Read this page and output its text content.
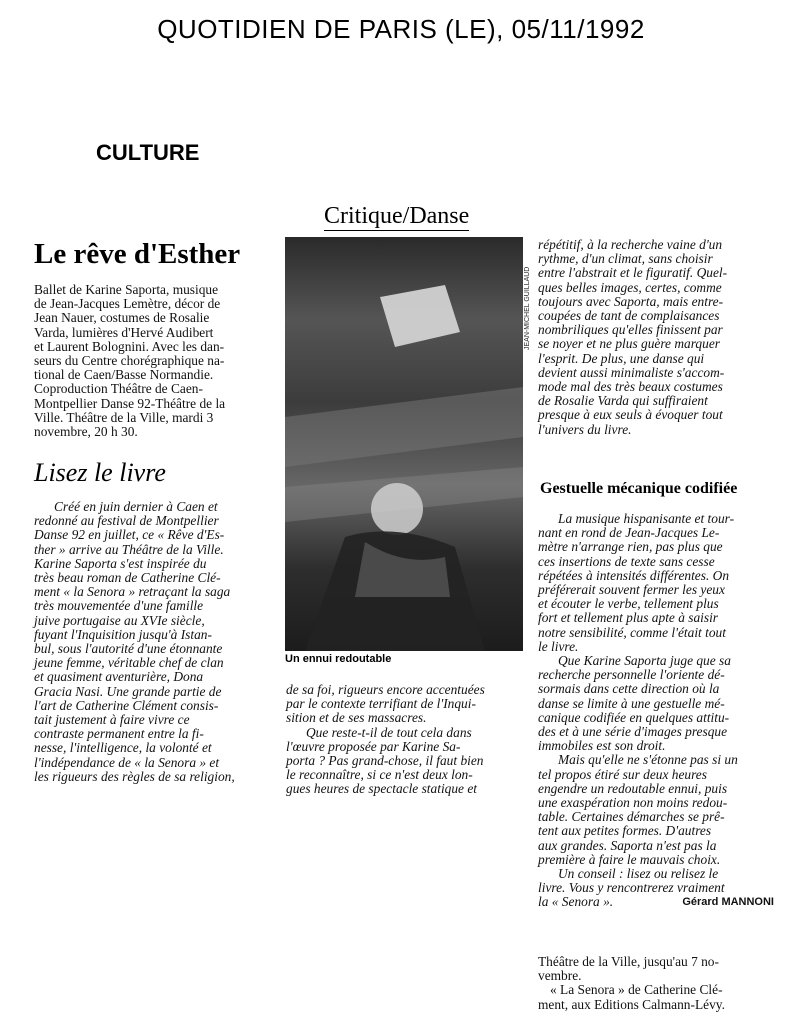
QUOTIDIEN DE PARIS (LE), 05/11/1992
CULTURE
Critique/Danse
Le rêve d'Esther
Ballet de Karine Saporta, musique
de Jean-Jacques Lemètre, décor de
Jean Nauer, costumes de Rosalie
Varda, lumières d'Hervé Audibert
et Laurent Bolognini. Avec les dan-
seurs du Centre chorégraphique na-
tional de Caen/Basse Normandie.
Coproduction Théâtre de Caen-
Montpellier Danse 92-Théâtre de la
Ville. Théâtre de la Ville, mardi 3
novembre, 20 h 30.
Lisez le livre
Créé en juin dernier à Caen et
redonné au festival de Montpellier
Danse 92 en juillet, ce « Rêve d'Es-
ther » arrive au Théâtre de la Ville.
Karine Saporta s'est inspirée du
très beau roman de Catherine Clé-
ment « la Senora » retraçant la saga
très mouvementée d'une famille
juive portugaise au XVIe siècle,
fuyant l'Inquisition jusqu'à Istan-
bul, sous l'autorité d'une étonnante
jeune femme, véritable chef de clan
et quasiment aventurière, Dona
Gracia Nasi. Une grande partie de
l'art de Catherine Clément consis-
tait justement à faire vivre ce
contraste permanent entre la fi-
nesse, l'intelligence, la volonté et
l'indépendance de « la Senora » et
les rigueurs des règles de sa religion,
JEAN-MICHEL GUILLAUD
Un ennui redoutable
de sa foi, rigueurs encore accentuées
par le contexte terrifiant de l'Inqui-
sition et de ses massacres.
Que reste-t-il de tout cela dans
l'œuvre proposée par Karine Sa-
porta ? Pas grand-chose, il faut bien
le reconnaître, si ce n'est deux lon-
gues heures de spectacle statique et
répétitif, à la recherche vaine d'un
rythme, d'un climat, sans choisir
entre l'abstrait et le figuratif. Quel-
ques belles images, certes, comme
toujours avec Saporta, mais entre-
coupées de tant de complaisances
nombriliques qu'elles finissent par
se noyer et ne plus guère marquer
l'esprit. De plus, une danse qui
devient aussi minimaliste s'accom-
mode mal des très beaux costumes
de Rosalie Varda qui suffiraient
presque à eux seuls à évoquer tout
l'univers du livre.
Gestuelle mécanique codifiée
La musique hispanisante et tour-
nant en rond de Jean-Jacques Le-
mètre n'arrange rien, pas plus que
ces insertions de texte sans cesse
répétées à intensités différentes. On
préférerait souvent fermer les yeux
et écouter le verbe, tellement plus
fort et tellement plus apte à saisir
notre sensibilité, comme l'était tout
le livre.
Que Karine Saporta juge que sa
recherche personnelle l'oriente dé-
sormais dans cette direction où la
danse se limite à une gestuelle mé-
canique codifiée en quelques attitu-
des et à une série d'images presque
immobiles est son droit.
Mais qu'elle ne s'étonne pas si un
tel propos étiré sur deux heures
engendre un redoutable ennui, puis
une exaspération non moins redou-
table. Certaines démarches se prê-
tent aux petites formes. D'autres
aux grandes. Saporta n'est pas la
première à faire le mauvais choix.
Un conseil : lisez ou relisez le
livre. Vous y rencontrerez vraiment
la « Senora ».	Gérard MANNONI
Théâtre de la Ville, jusqu'au 7 no-
vembre.
« La Senora » de Catherine Clé-
ment, aux Editions Calmann-Lévy.
